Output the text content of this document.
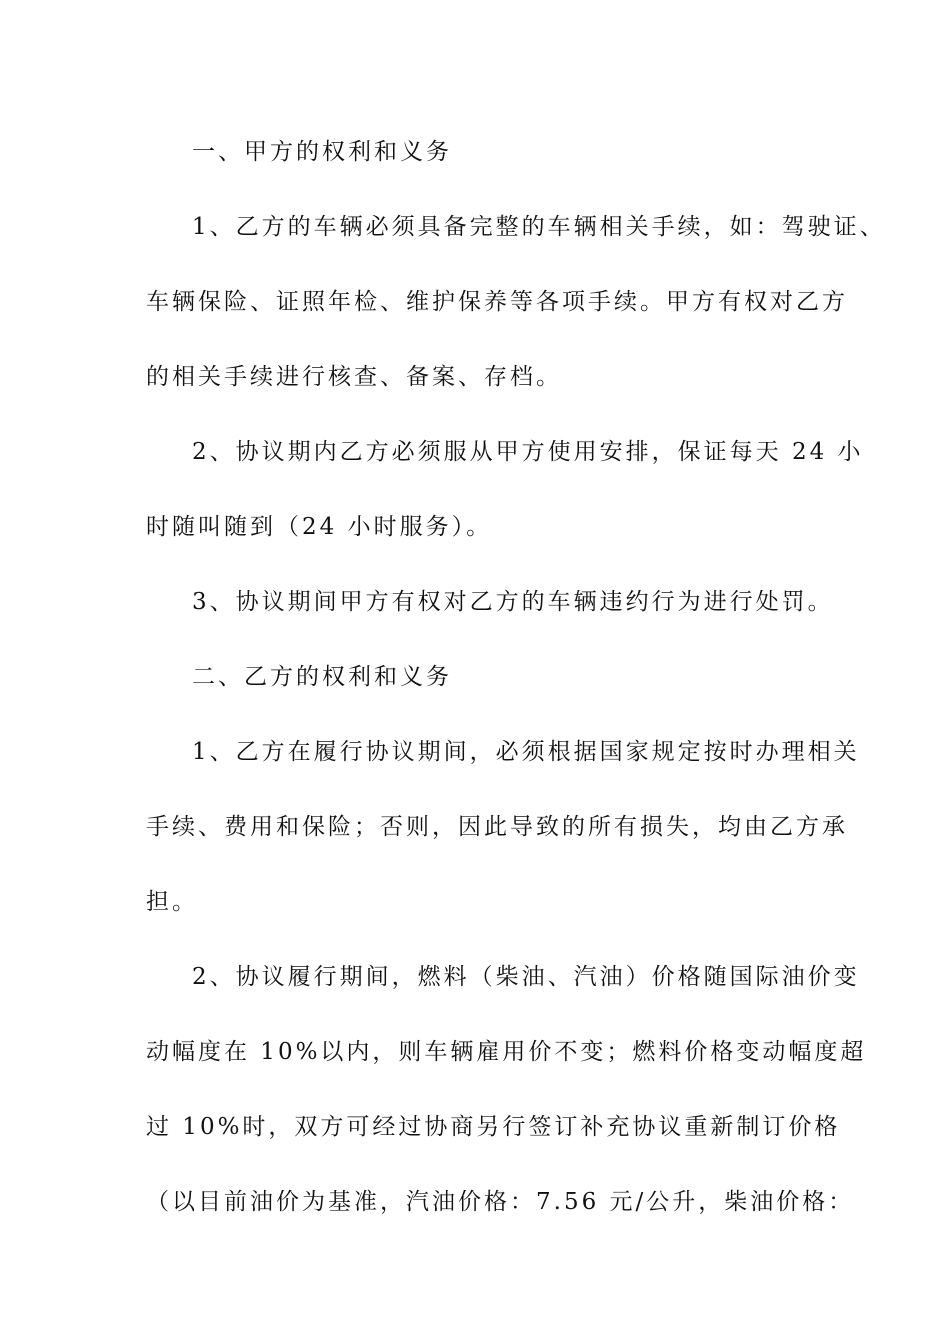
一、甲方的权利和义务

1、乙方的车辆必须具备完整的车辆相关手续，如：驾驶证、

车辆保险、证照年检、维护保养等各项手续。甲方有权对乙方

的相关手续进行核查、备案、存档。

2、协议期内乙方必须服从甲方使用安排，保证每天 24 小

时随叫随到（24 小时服务）。

3、协议期间甲方有权对乙方的车辆违约行为进行处罚。

二、乙方的权利和义务

1、乙方在履行协议期间，必须根据国家规定按时办理相关

手续、费用和保险；否则，因此导致的所有损失，均由乙方承

担。

2、协议履行期间，燃料（柴油、汽油）价格随国际油价变

动幅度在 10%以内，则车辆雇用价不变；燃料价格变动幅度超

过 10%时，双方可经过协商另行签订补充协议重新制订价格

（以目前油价为基准，汽油价格：7.56 元/公升，柴油价格：
